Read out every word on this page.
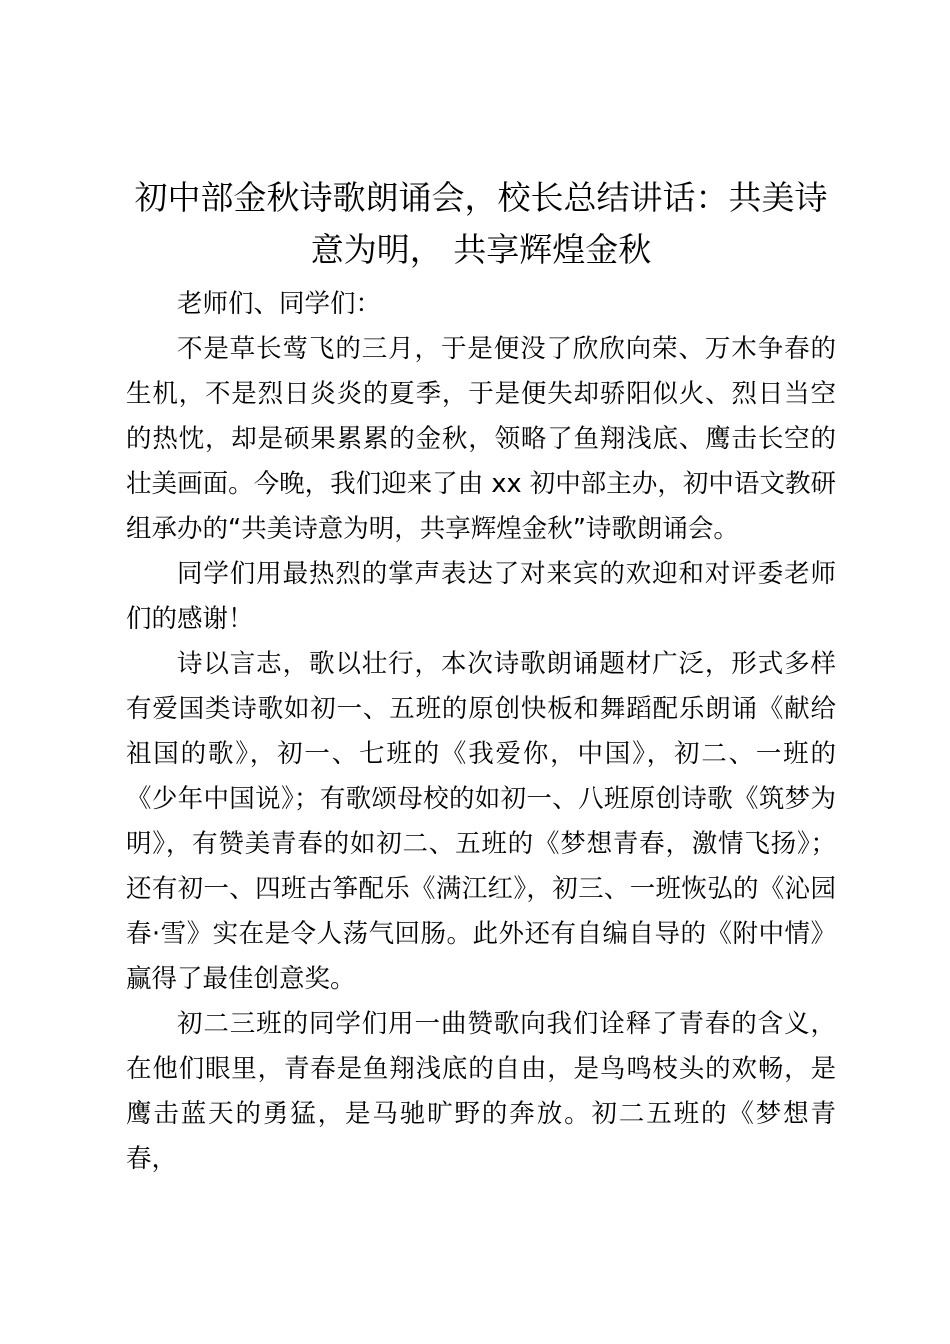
初中部金秋诗歌朗诵会，校长总结讲话：共美诗意为明， 共享辉煌金秋

老师们、同学们：

不是草长莺飞的三月，于是便没了欣欣向荣、万木争春的生机，不是烈日炎炎的夏季，于是便失却骄阳似火、烈日当空的热忱，却是硕果累累的金秋，领略了鱼翔浅底、鹰击长空的壮美画面。今晚，我们迎来了由 xx 初中部主办，初中语文教研组承办的“共美诗意为明，共享辉煌金秋”诗歌朗诵会。

同学们用最热烈的掌声表达了对来宾的欢迎和对评委老师们的感谢！

诗以言志，歌以壮行，本次诗歌朗诵题材广泛，形式多样有爱国类诗歌如初一、五班的原创快板和舞蹈配乐朗诵《献给祖国的歌》，初一、七班的《我爱你，中国》，初二、一班的《少年中国说》；有歌颂母校的如初一、八班原创诗歌《筑梦为明》，有赞美青春的如初二、五班的《梦想青春，激情飞扬》；还有初一、四班古筝配乐《满江红》，初三、一班恢弘的《沁园春·雪》实在是令人荡气回肠。此外还有自编自导的《附中情》赢得了最佳创意奖。

初二三班的同学们用一曲赞歌向我们诠释了青春的含义，在他们眼里，青春是鱼翔浅底的自由，是鸟鸣枝头的欢畅，是鹰击蓝天的勇猛，是马驰旷野的奔放。初二五班的《梦想青春，
